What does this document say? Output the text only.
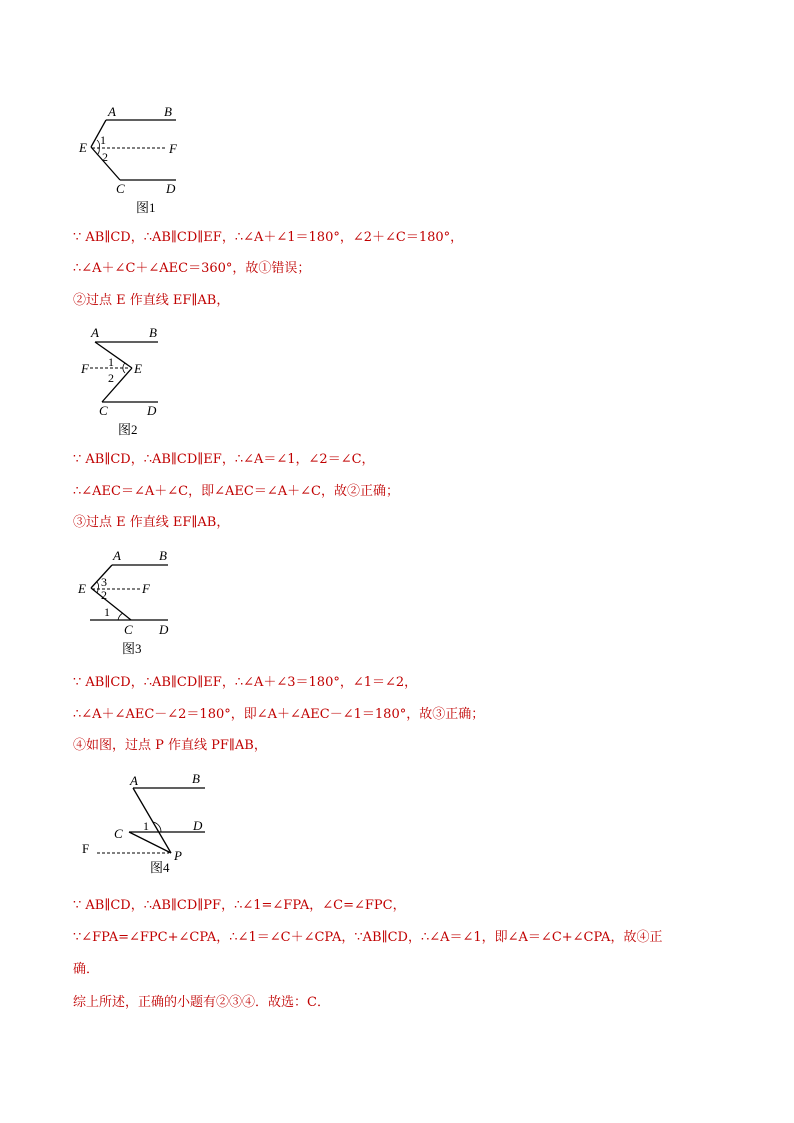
A	B
E	F
C	D
1
2
图1
∵ AB∥CD，∴AB∥CD∥EF，∴∠A＋∠1＝180°，∠2＋∠C＝180°，
∴∠A＋∠C＋∠AEC＝360°，故①错误；
②过点 E 作直线 EF∥AB，
A	B
F	E
C	D
1
2
图2
∵ AB∥CD，∴AB∥CD∥EF，∴∠A＝∠1，∠2＝∠C，
∴∠AEC＝∠A＋∠C，即∠AEC＝∠A＋∠C，故②正确；
③过点 E 作直线 EF∥AB，
A	B
E	F
C D
3
2
1
图3
∵ AB∥CD，∴AB∥CD∥EF，∴∠A＋∠3＝180°，∠1＝∠2，
∴∠A＋∠AEC－∠2＝180°，即∠A＋∠AEC－∠1＝180°，故③正确；
④如图，过点 P 作直线 PF∥AB，
A	B
C
D
F	P
1
图4
∵ AB∥CD，∴AB∥CD∥PF，∴∠1=∠FPA，∠C=∠FPC，
∵∠FPA=∠FPC+∠CPA，∴∠1＝∠C＋∠CPA，∵AB∥CD，∴∠A＝∠1，即∠A＝∠C+∠CPA，故④正
确．
综上所述，正确的小题有②③④．故选：C．
